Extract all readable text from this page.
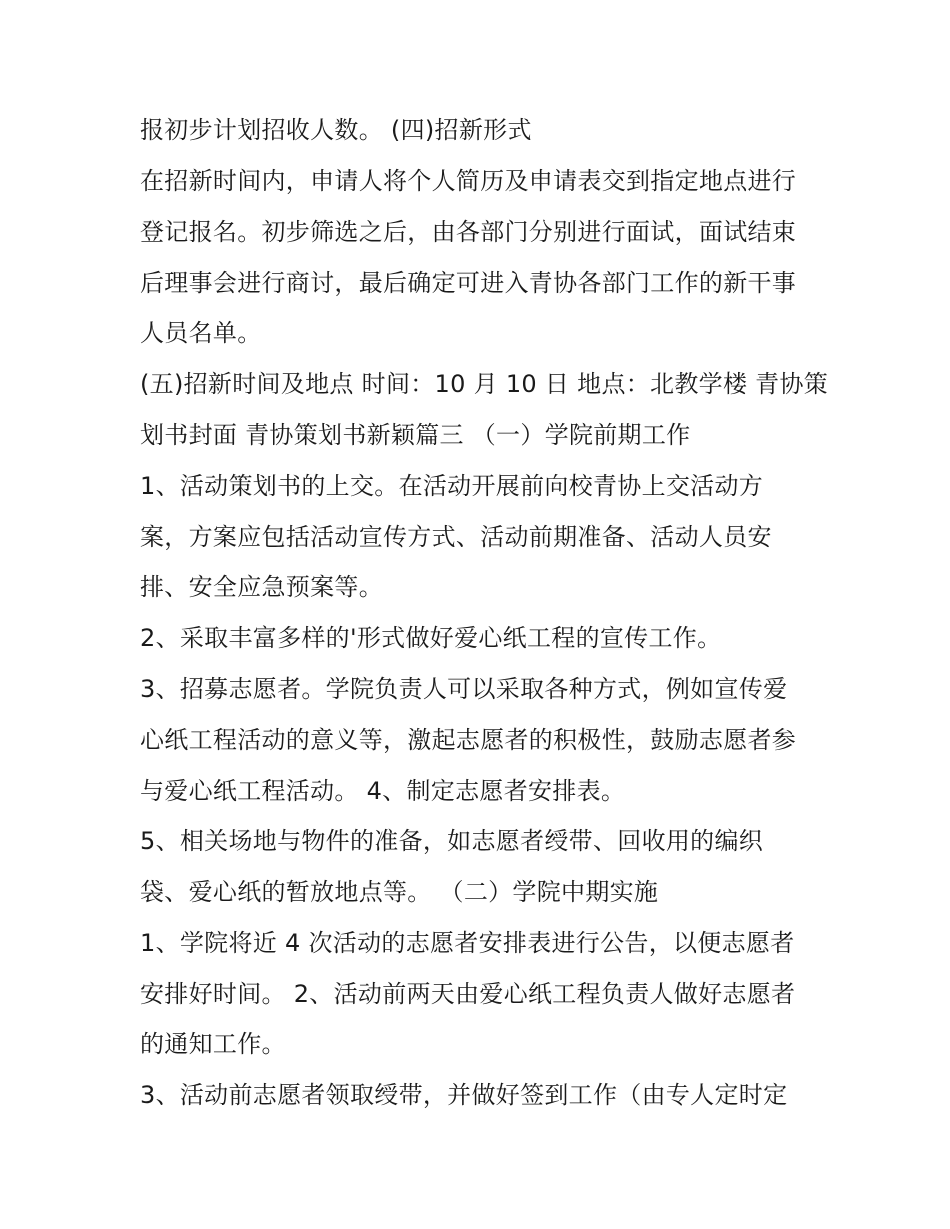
报初步计划招收人数。 (四)招新形式
在招新时间内，申请人将个人简历及申请表交到指定地点进行
登记报名。初步筛选之后，由各部门分别进行面试，面试结束
后理事会进行商讨，最后确定可进入青协各部门工作的新干事
人员名单。
(五)招新时间及地点 时间：10 月 10 日 地点：北教学楼 青协策
划书封面 青协策划书新颖篇三 （一）学院前期工作
1、活动策划书的上交。在活动开展前向校青协上交活动方
案，方案应包括活动宣传方式、活动前期准备、活动人员安
排、安全应急预案等。
2、采取丰富多样的'形式做好爱心纸工程的宣传工作。
3、招募志愿者。学院负责人可以采取各种方式，例如宣传爱
心纸工程活动的意义等，激起志愿者的积极性，鼓励志愿者参
与爱心纸工程活动。 4、制定志愿者安排表。
5、相关场地与物件的准备，如志愿者绶带、回收用的编织
袋、爱心纸的暂放地点等。 （二）学院中期实施
1、学院将近 4 次活动的志愿者安排表进行公告，以便志愿者
安排好时间。 2、活动前两天由爱心纸工程负责人做好志愿者
的通知工作。
3、活动前志愿者领取绶带，并做好签到工作（由专人定时定
